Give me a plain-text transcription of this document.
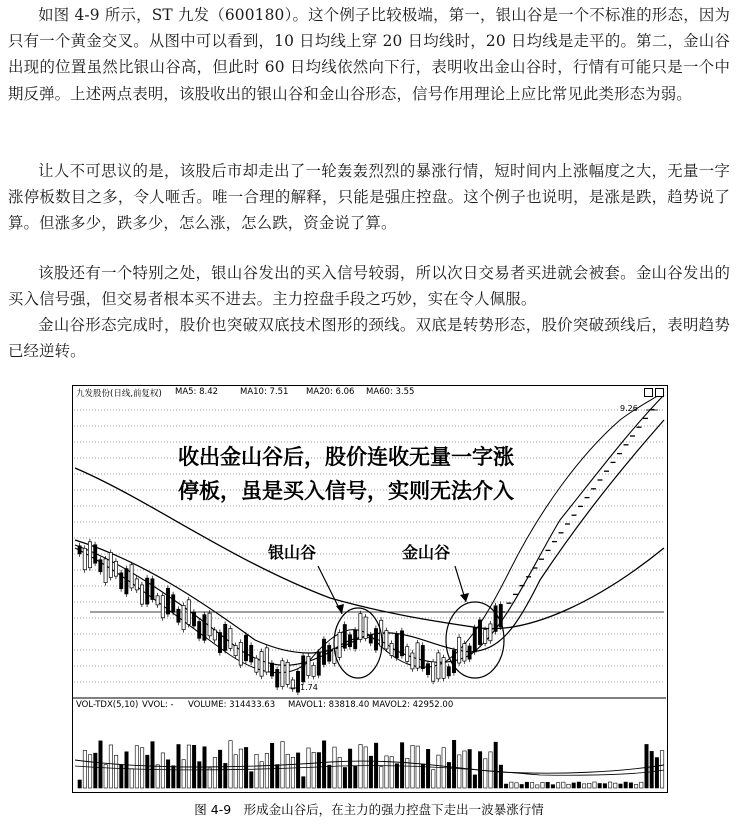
如图 4-9 所示，ST 九发（600180）。这个例子比较极端，第一，银山谷是一个不标准的形态，因为只有一个黄金交叉。从图中可以看到，10 日均线上穿 20 日均线时，20 日均线是走平的。第二，金山谷出现的位置虽然比银山谷高，但此时 60 日均线依然向下行，表明收出金山谷时，行情有可能只是一个中期反弹。上述两点表明，该股收出的银山谷和金山谷形态，信号作用理论上应比常见此类形态为弱。

让人不可思议的是，该股后市却走出了一轮轰轰烈烈的暴涨行情，短时间内上涨幅度之大，无量一字涨停板数目之多，令人咂舌。唯一合理的解释，只能是强庄控盘。这个例子也说明，是涨是跌，趋势说了算。但涨多少，跌多少，怎么涨，怎么跌，资金说了算。

该股还有一个特别之处，银山谷发出的买入信号较弱，所以次日交易者买进就会被套。金山谷发出的买入信号强，但交易者根本买不进去。主力控盘手段之巧妙，实在令人佩服。

金山谷形态完成时，股价也突破双底技术图形的颈线。双底是转势形态，股价突破颈线后，表明趋势已经逆转。

九发股份(日线,前复权) MA5: 8.42	MA10: 7.51 MA20: 6.06 MA60: 3.55
VOL-TDX(5,10) VVOL: - VOLUME: 314433.63 MAVOL1: 83818.40 MAVOL2: 42952.00
9.26
1.74
收出金山谷后，股价连收无量一字涨
停板，虽是买入信号，实则无法介入
银山谷	金山谷
图 4-9　形成金山谷后，在主力的强力控盘下走出一波暴涨行情
